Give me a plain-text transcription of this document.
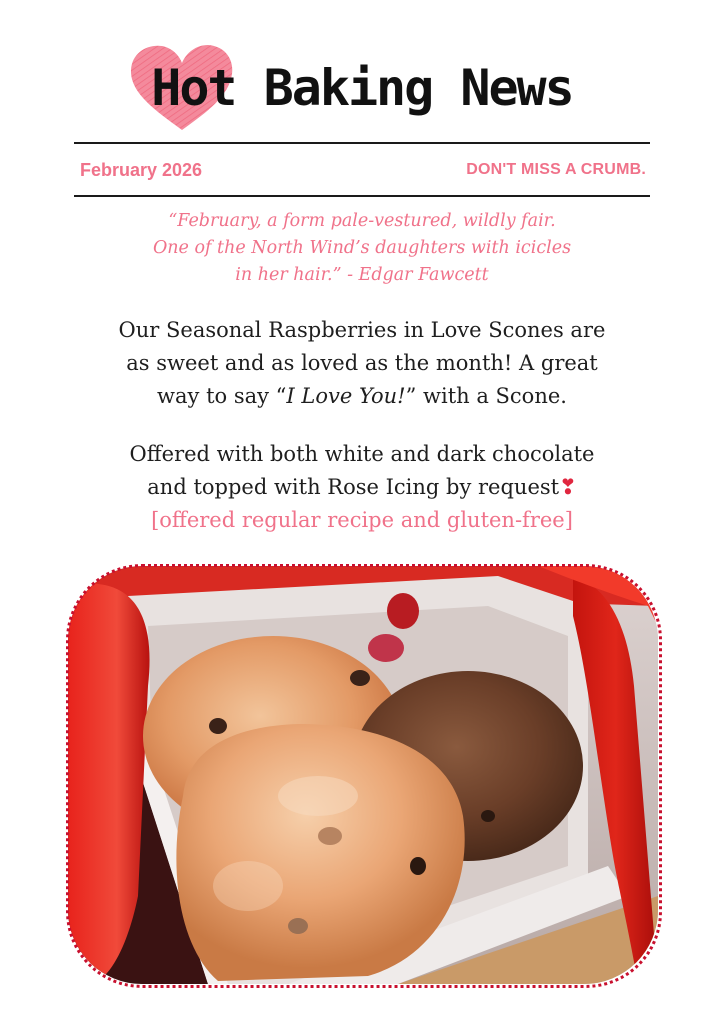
Hot Baking News
February 2026	DON'T MISS A CRUMB.
“February, a form pale-vestured, wildly fair.
One of the North Wind’s daughters with icicles
in her hair.” - Edgar Fawcett
Our Seasonal Raspberries in Love Scones are
as sweet and as loved as the month! A great
way to say “I Love You!” with a Scone.
Offered with both white and dark chocolate
and topped with Rose Icing by request❣
[offered regular recipe and gluten-free]
